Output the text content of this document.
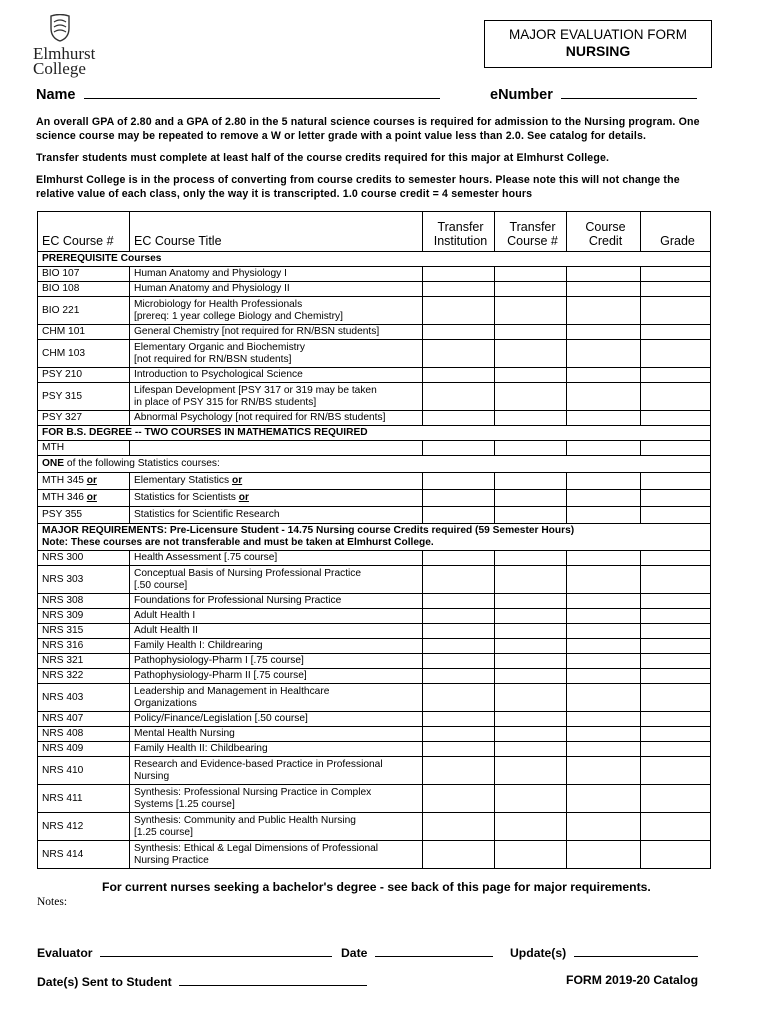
Elmhurst
College
MAJOR EVALUATION FORM
NURSING
Name	eNumber
An overall GPA of 2.80 and a GPA of 2.80 in the 5 natural science courses is required for admission to the Nursing program. One science course may be repeated to remove a W or letter grade with a point value less than 2.0. See catalog for details.
Transfer students must complete at least half of the course credits required for this major at Elmhurst College.
Elmhurst College is in the process of converting from course credits to semester hours. Please note this will not change the relative value of each class, only the way it is transcripted. 1.0 course credit = 4 semester hours
EC Course #	EC Course Title	Transfer Institution	Transfer Course #	Course Credit	Grade
PREREQUISITE Courses					
BIO 107	Human Anatomy and Physiology I				

BIO 108	Human Anatomy and Physiology II				

BIO 221	Microbiology for Health Professionals
[prereq: 1 year college Biology and Chemistry]				

CHM 101	General Chemistry [not required for RN/BSN students]				

CHM 103	Elementary Organic and Biochemistry
[not required for RN/BSN students]				

PSY 210	Introduction to Psychological Science				

PSY 315	Lifespan Development [PSY 317 or 319 may be taken
in place of PSY 315 for RN/BS students]				

PSY 327	Abnormal Psychology [not required for RN/BS students]				

FOR B.S. DEGREE -- TWO COURSES IN MATHEMATICS REQUIRED					
MTH					
ONE of the following Statistics courses:					
MTH 345 or	Elementary Statistics or				
MTH 346 or	Statistics for Scientists or				
PSY 355	Statistics for Scientific Research				

MAJOR REQUIREMENTS: Pre-Licensure Student - 14.75 Nursing course Credits required (59 Semester Hours)
Note: These courses are not transferable and must be taken at Elmhurst College.					

NRS 300	Health Assessment [.75 course]				

NRS 303	Conceptual Basis of Nursing Professional Practice
[.50 course]				

NRS 308	Foundations for Professional Nursing Practice				

NRS 309	Adult Health I				

NRS 315	Adult Health II				

NRS 316	Family Health I: Childrearing				

NRS 321	Pathophysiology-Pharm I [.75 course]				

NRS 322	Pathophysiology-Pharm II [.75 course]				

NRS 403	Leadership and Management in Healthcare
Organizations				

NRS 407	Policy/Finance/Legislation [.50 course]				

NRS 408	Mental Health Nursing				

NRS 409	Family Health II: Childbearing				

NRS 410	Research and Evidence-based Practice in Professional
Nursing				

NRS 411	Synthesis: Professional Nursing Practice in Complex
Systems [1.25 course]				

NRS 412	Synthesis: Community and Public Health Nursing
[1.25 course]				

NRS 414	Synthesis: Ethical & Legal Dimensions of Professional
Nursing Practice				

For current nurses seeking a bachelor's degree - see back of this page for major requirements.
Notes:
Evaluator	Date	Update(s)
Date(s) Sent to Student	FORM 2019-20 Catalog
